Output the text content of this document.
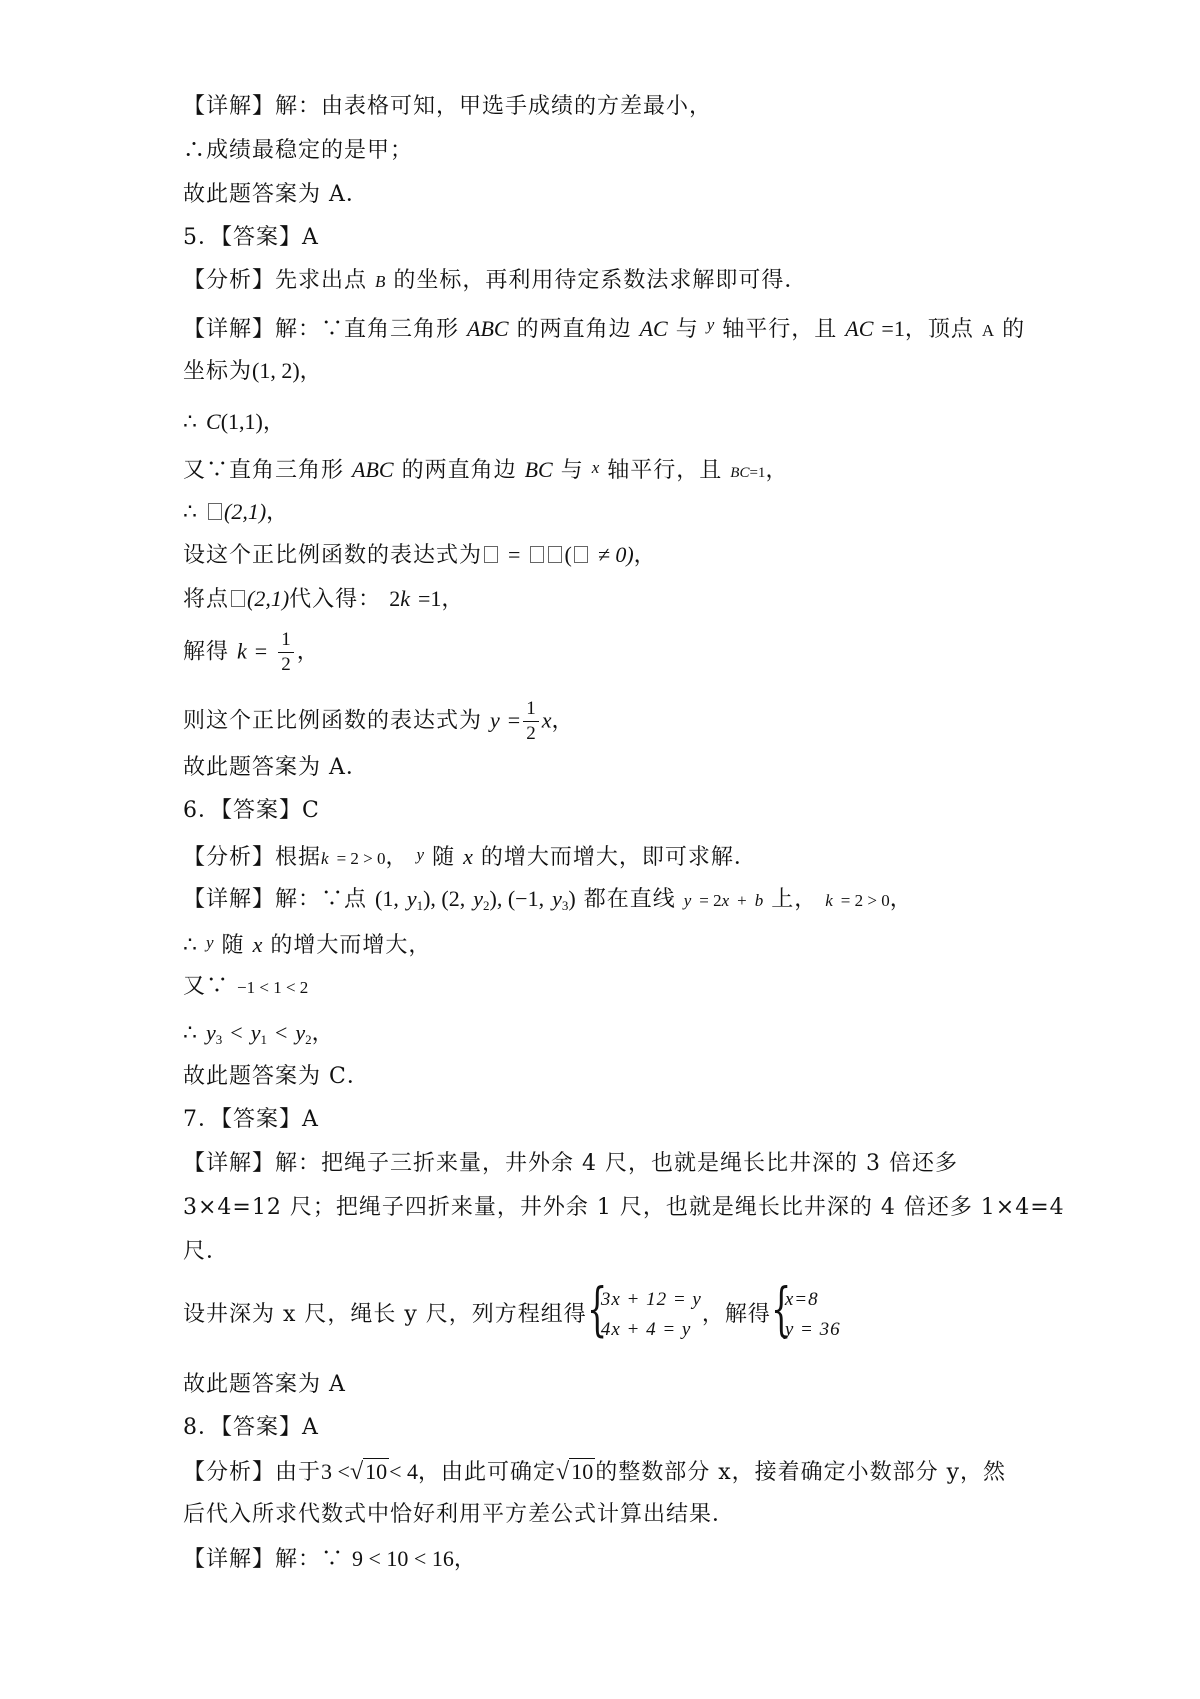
【详解】解：由表格可知，甲选手成绩的方差最小，
∴成绩最稳定的是甲；
故此题答案为 A．
5．【答案】A
【分析】先求出点 B 的坐标，再利用待定系数法求解即可得．
【详解】解：∵直角三角形 ABC 的两直角边 AC 与 $^y$ 轴平行，且 AC =1，顶点 A 的
坐标为(1, 2)，
∴ C(1,1)，
又∵直角三角形 ABC 的两直角边 BC 与 x 轴平行，且 BC=1，
∴ (2,1)，
设这个正比例函数的表达式为 = ( ≠ 0)，
将点 (2,1)代入得： 2k =1，
解得 $k = \frac{1}{2}$ ，
则这个正比例函数的表达式为 $y = \frac{1}{2}$ x，
故此题答案为 A．
6．【答案】C
【分析】根据k = 2 > 0， y 随 x 的增大而增大，即可求解．
【详解】解：∵点 (1, $y_1$), (2, $y_2$), (−1, $y_3$) 都在直线 y = 2x + b 上， k = 2 > 0，
∴ y 随 x 的增大而增大，
又∵ −1 < 1 < 2
∴ $y_3 < y_1 < y_2$，
故此题答案为 C．
7．【答案】A
【详解】解：把绳子三折来量，井外余 4 尺，也就是绳长比井深的 3 倍还多
3×4=12 尺；把绳子四折来量，井外余 1 尺，也就是绳长比井深的 4 倍还多 1×4=4
尺．
设井深为 x 尺，绳长 y 尺，列方程组得 {
3x + 12 = y
4x + 4 = y
，解得 {
x=8
y = 36
故此题答案为 A
8．【答案】A
【分析】由于3 <√10< 4，由此可确定√10的整数部分 x，接着确定小数部分 y，然
后代入所求代数式中恰好利用平方差公式计算出结果．
【详解】解：∵ 9 < 10 < 16，
